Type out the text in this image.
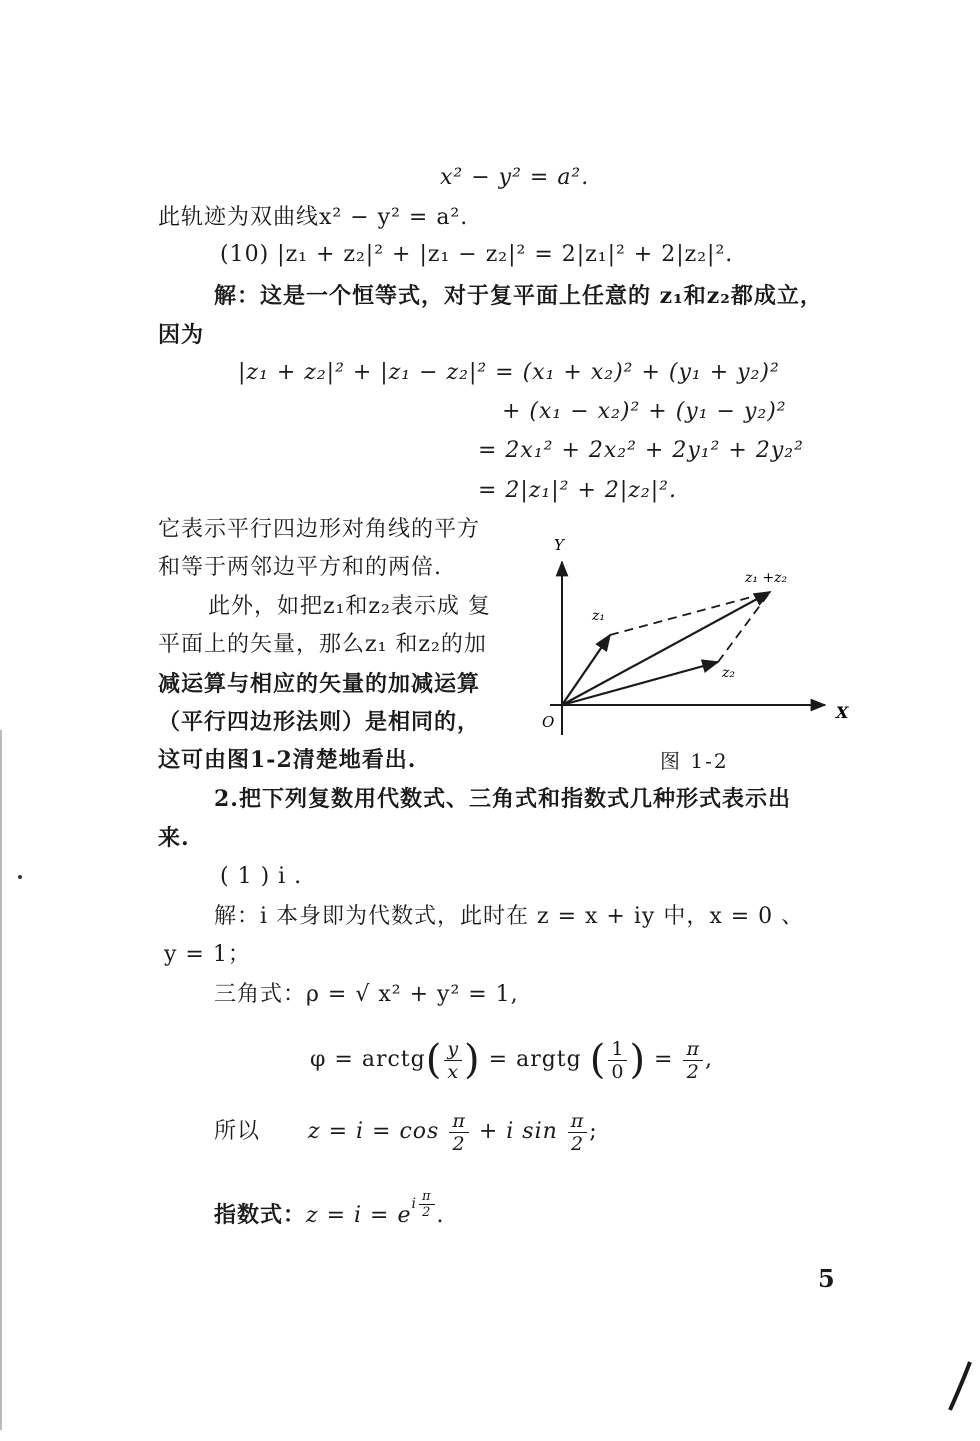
x² − y² = a².
此轨迹为双曲线x² − y² = a².
(10) |z₁ + z₂|² + |z₁ − z₂|² = 2|z₁|² + 2|z₂|².
解：这是一个恒等式，对于复平面上任意的 z₁和z₂都成立，
因为
|z₁ + z₂|² + |z₁ − z₂|² = (x₁ + x₂)² + (y₁ + y₂)²
+ (x₁ − x₂)² + (y₁ − y₂)²
= 2x₁² + 2x₂² + 2y₁² + 2y₂²
= 2|z₁|² + 2|z₂|².
它表示平行四边形对角线的平方
和等于两邻边平方和的两倍.
此外，如把z₁和z₂表示成 复
平面上的矢量，那么z₁ 和z₂的加
减运算与相应的矢量的加减运算
（平行四边形法则）是相同的，
这可由图1-2清楚地看出.
Y
X
O
z₁
z₂
z₁ +z₂
图 1-2
2.把下列复数用代数式、三角式和指数式几种形式表示出
来.
( 1 ) i .
解：i 本身即为代数式，此时在 z = x + iy 中，x = 0 、
y = 1；
三角式：ρ = √ x² + y² = 1,
φ = arctg( $\frac{y}{x}$ ) = argtg ( $\frac{1}{0}$ ) = $\frac{\pi}{2}$ ,
所以 $z = i = \cos \frac{\pi}{2} + i$ $\sin \frac{\pi}{2}$ ;
指数式：$z = i = e^{i \frac{\pi}{2}}$ .
5
